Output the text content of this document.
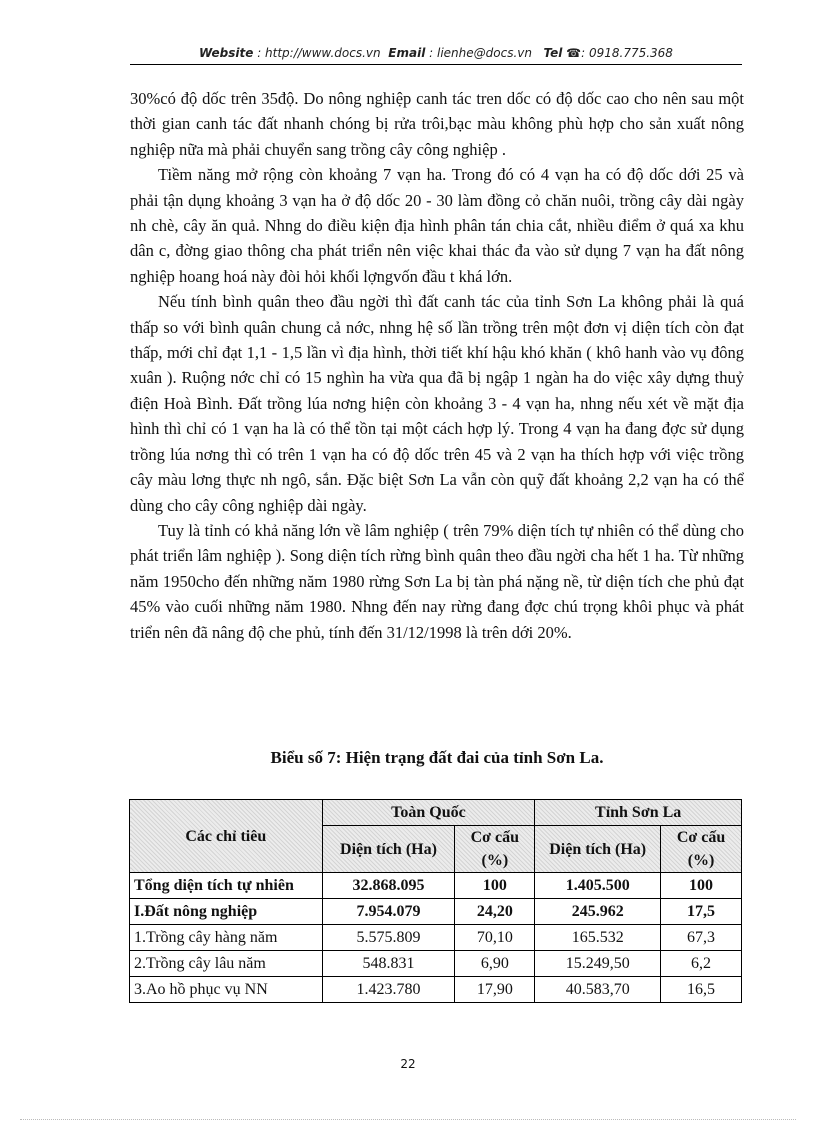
Website : http://www.docs.vn Email : lienhe@docs.vn Tel ☎: 0918.775.368

30%có độ dốc trên 35độ. Do nông nghiệp canh tác tren dốc có độ dốc cao cho nên sau một thời gian canh tác đất nhanh chóng bị rửa trôi,bạc màu không phù hợp cho sản xuất nông nghiệp nữa mà phải chuyển sang trồng cây công nghiệp .

Tiềm năng mở rộng còn khoảng 7 vạn ha. Trong đó có 4 vạn ha có độ dốc dới 25 và phải tận dụng khoảng 3 vạn ha ở độ dốc 20 - 30 làm đồng cỏ chăn nuôi, trồng cây dài ngày nh chè, cây ăn quả. Nhng do điều kiện địa hình phân tán chia cắt, nhiều điểm ở quá xa khu dân c, đờng giao thông cha phát triển nên việc khai thác đa vào sử dụng 7 vạn ha đất nông nghiệp hoang hoá này đòi hỏi khối lợngvốn đầu t khá lớn.

Nếu tính bình quân theo đầu ngời thì đất canh tác của tỉnh Sơn La không phải là quá thấp so với bình quân chung cả nớc, nhng hệ số lần trồng trên một đơn vị diện tích còn đạt thấp, mới chỉ đạt 1,1 - 1,5 lần vì địa hình, thời tiết khí hậu khó khăn ( khô hanh vào vụ đông xuân ). Ruộng nớc chỉ có 15 nghìn ha vừa qua đã bị ngập 1 ngàn ha do việc xây dựng thuỷ điện Hoà Bình. Đất trồng lúa nơng hiện còn khoảng 3 - 4 vạn ha, nhng nếu xét về mặt địa hình thì chỉ có 1 vạn ha là có thể tồn tại một cách hợp lý. Trong 4 vạn ha đang đợc sử dụng trồng lúa nơng thì có trên 1 vạn ha có độ dốc trên 45 và 2 vạn ha thích hợp với việc trồng cây màu lơng thực nh ngô, sắn. Đặc biệt Sơn La vẫn còn quỹ đất khoảng 2,2 vạn ha có thể dùng cho cây công nghiệp dài ngày.

Tuy là tỉnh có khả năng lớn về lâm nghiệp ( trên 79% diện tích tự nhiên có thể dùng cho phát triển lâm nghiệp ). Song diện tích rừng bình quân theo đầu ngời cha hết 1 ha. Từ những năm 1950cho đến những năm 1980 rừng Sơn La bị tàn phá nặng nề, từ diện tích che phủ đạt 45% vào cuối những năm 1980. Nhng đến nay rừng đang đợc chú trọng khôi phục và phát triển nên đã nâng độ che phủ, tính đến 31/12/1998 là trên dới 20%.

Biểu số 7: Hiện trạng đất đai của tỉnh Sơn La.
Các chỉ tiêu	Toàn Quốc		Tỉnh Sơn La	
	Diện tích (Ha)	Cơ cấu (%)	Diện tích (Ha)	Cơ cấu (%)

Tổng diện tích tự nhiên	32.868.095	100	1.405.500	100
I.Đất nông nghiệp	7.954.079	24,20	245.962	17,5
1.Trồng cây hàng năm	5.575.809	70,10	165.532	67,3
2.Trồng cây lâu năm	548.831	6,90	15.249,50	6,2
3.Ao hồ phục vụ NN	1.423.780	17,90	40.583,70	16,5
22
